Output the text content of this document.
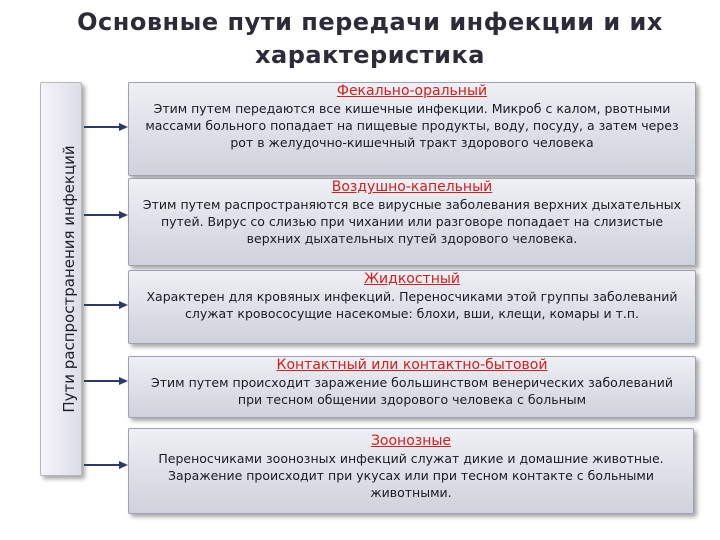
Основные пути передачи инфекции и их характеристика
Пути распространения инфекций
Фекально-оральный
Этим путем передаются все кишечные инфекции. Микроб с калом, рвотными массами больного попадает на пищевые продукты, воду, посуду, а затем через рот в желудочно-кишечный тракт здорового человека
Воздушно-капельный
Этим путем распространяются все вирусные заболевания верхних дыхательных путей. Вирус со слизью при чихании или разговоре попадает на слизистые верхних дыхательных путей здорового человека.
Жидкостный
Характерен для кровяных инфекций. Переносчиками этой группы заболеваний служат кровососущие насекомые: блохи, вши, клещи, комары и т.п.
Контактный или контактно-бытовой
Этим путем происходит заражение большинством венерических заболеваний при тесном общении здорового человека с больным
Зоонозные
Переносчиками зоонозных инфекций служат дикие и домашние животные. Заражение происходит при укусах или при тесном контакте с больными животными.
